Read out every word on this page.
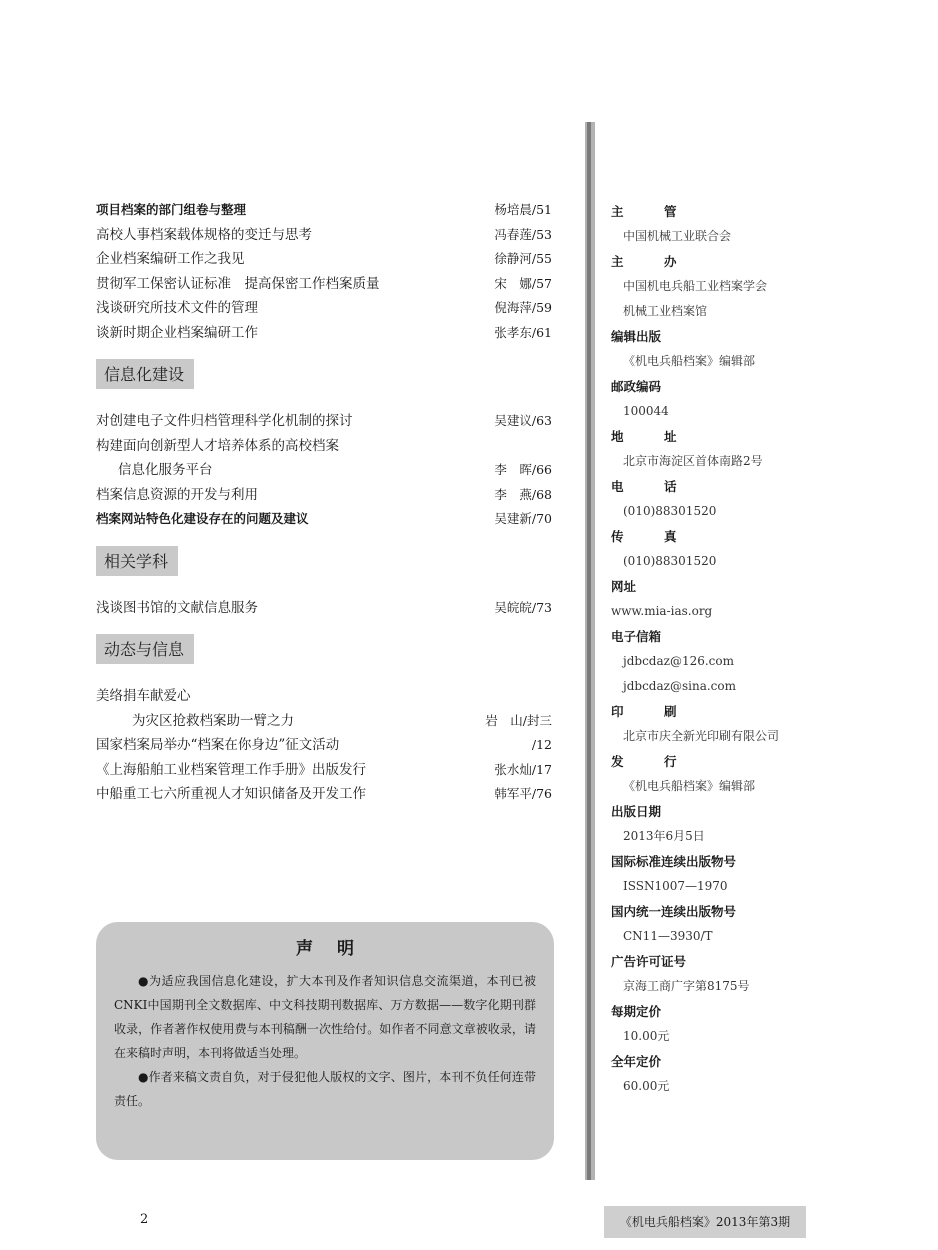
项目档案的部门组卷与整理	杨培晨/51
高校人事档案载体规格的变迁与思考	冯春莲/53
企业档案编研工作之我见	徐静河/55
贯彻军工保密认证标准　提高保密工作档案质量	宋　娜/57
浅谈研究所技术文件的管理	倪海萍/59
谈新时期企业档案编研工作	张孝东/61
信息化建设
对创建电子文件归档管理科学化机制的探讨	吴建议/63
构建面向创新型人才培养体系的高校档案
信息化服务平台	李　晖/66
档案信息资源的开发与利用	李　燕/68
档案网站特色化建设存在的问题及建议	吴建新/70
相关学科
浅谈图书馆的文献信息服务	吴皖皖/73
动态与信息
美络捐车献爱心
为灾区抢救档案助一臂之力	岩　山/封三
国家档案局举办“档案在你身边”征文活动	/12
《上海船舶工业档案管理工作手册》出版发行	张水灿/17
中船重工七六所重视人才知识储备及开发工作	韩军平/76
声明

●为适应我国信息化建设，扩大本刊及作者知识信息交流渠道，本刊已被CNKI中国期刊全文数据库、中文科技期刊数据库、万方数据——数字化期刊群收录，作者著作权使用费与本刊稿酬一次性给付。如作者不同意文章被收录，请在来稿时声明，本刊将做适当处理。

●作者来稿文责自负，对于侵犯他人版权的文字、图片，本刊不负任何连带责任。

主　管
中国机械工业联合会
主　办
中国机电兵船工业档案学会
机械工业档案馆
编辑出版
《机电兵船档案》编辑部
邮政编码
100044
地　址
北京市海淀区首体南路2号
电　话
(010)88301520
传　真
(010)88301520
网址
www.mia-ias.org
电子信箱
jdbcdaz@126.com
jdbcdaz@sina.com
印　刷
北京市庆全新光印刷有限公司
发　行
《机电兵船档案》编辑部
出版日期
2013年6月5日
国际标准连续出版物号
ISSN1007—1970
国内统一连续出版物号
CN11—3930/T
广告许可证号
京海工商广字第8175号
每期定价
10.00元
全年定价
60.00元
2	《机电兵船档案》2013年第3期
